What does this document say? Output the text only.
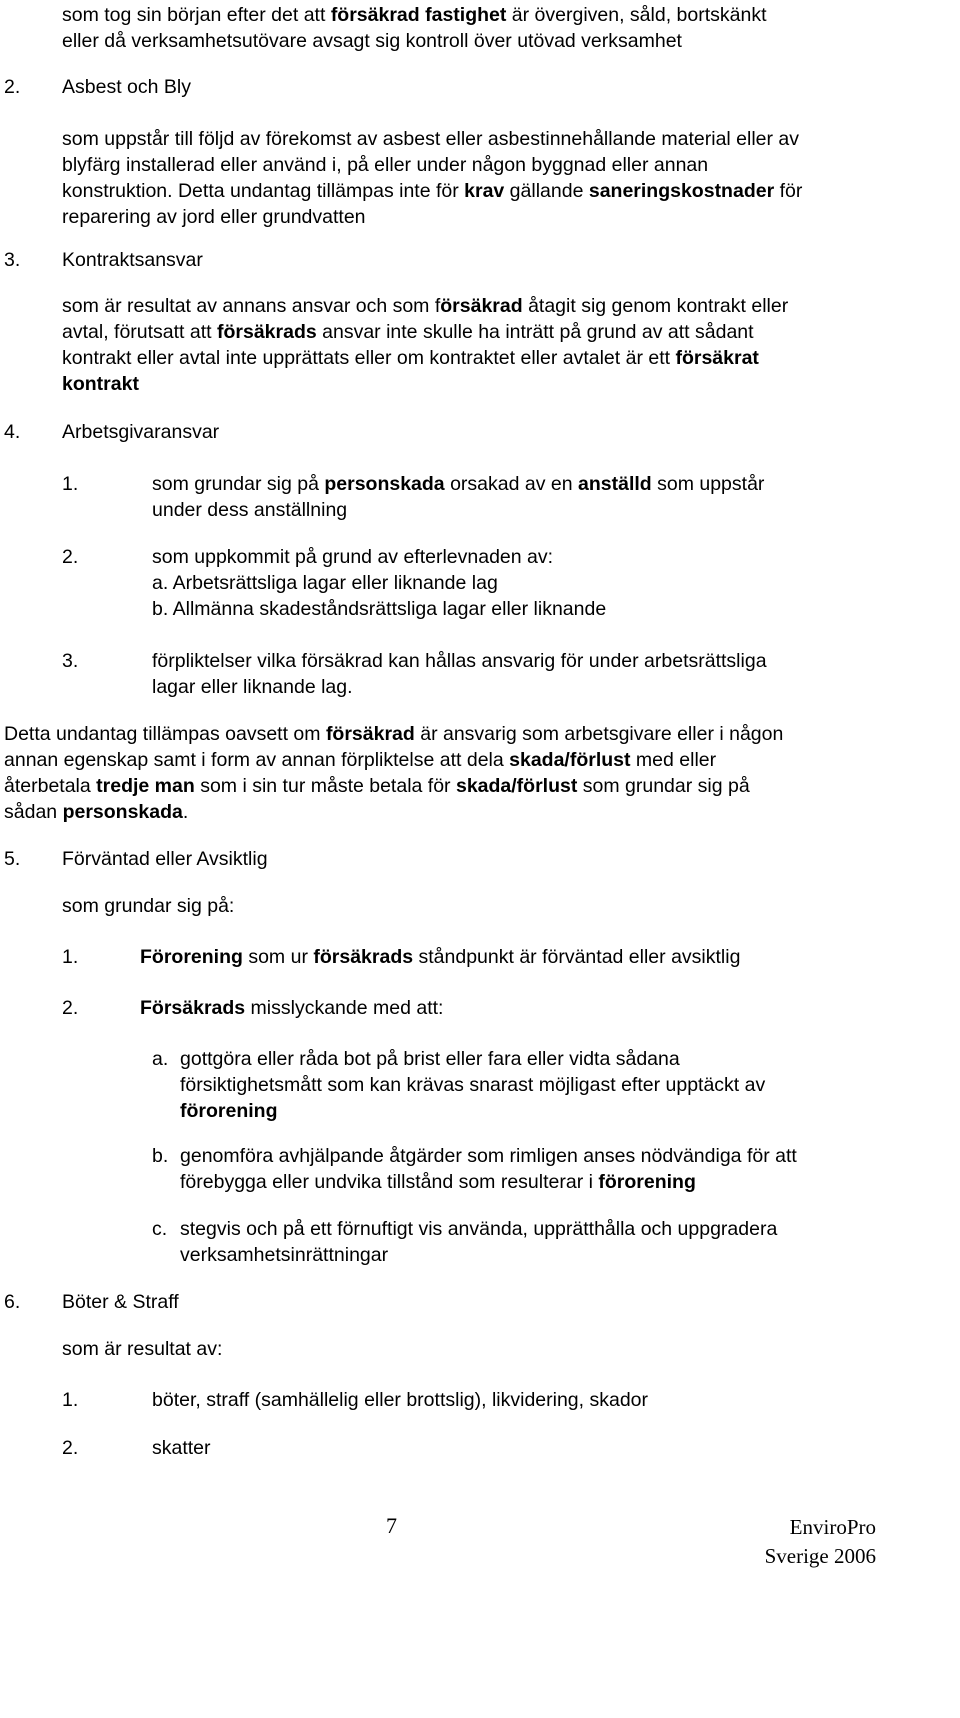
som tog sin början efter det att försäkrad fastighet är övergiven, såld, bortskänkt
eller då verksamhetsutövare avsagt sig kontroll över utövad verksamhet
2. Asbest och Bly
som uppstår till följd av förekomst av asbest eller asbestinnehållande material eller av
blyfärg installerad eller använd i, på eller under någon byggnad eller annan
konstruktion. Detta undantag tillämpas inte för krav gällande saneringskostnader för
reparering av jord eller grundvatten
3. Kontraktsansvar
som är resultat av annans ansvar och som försäkrad åtagit sig genom kontrakt eller
avtal, förutsatt att försäkrads ansvar inte skulle ha inträtt på grund av att sådant
kontrakt eller avtal inte upprättats eller om kontraktet eller avtalet är ett försäkrat
kontrakt
4. Arbetsgivaransvar
1.	som grundar sig på personskada orsakad av en anställd som uppstår
under dess anställning
2.	som uppkommit på grund av efterlevnaden av:
a. Arbetsrättsliga lagar eller liknande lag
b. Allmänna skadeståndsrättsliga lagar eller liknande
3.	förpliktelser vilka försäkrad kan hållas ansvarig för under arbetsrättsliga
lagar eller liknande lag.
Detta undantag tillämpas oavsett om försäkrad är ansvarig som arbetsgivare eller i någon
annan egenskap samt i form av annan förpliktelse att dela skada/förlust med eller
återbetala tredje man som i sin tur måste betala för skada/förlust som grundar sig på
sådan personskada.
5. Förväntad eller Avsiktlig
som grundar sig på:
1.	Förorening som ur försäkrads ståndpunkt är förväntad eller avsiktlig
2.	Försäkrads misslyckande med att:
a. gottgöra eller råda bot på brist eller fara eller vidta sådana
försiktighetsmått som kan krävas snarast möjligast efter upptäckt av
förorening
b. genomföra avhjälpande åtgärder som rimligen anses nödvändiga för att
förebygga eller undvika tillstånd som resulterar i förorening
c. stegvis och på ett förnuftigt vis använda, upprätthålla och uppgradera
verksamhetsinrättningar
6. Böter & Straff
som är resultat av:
1.	böter, straff (samhällelig eller brottslig), likvidering, skador
2.	skatter
7	EnviroPro
Sverige 2006
